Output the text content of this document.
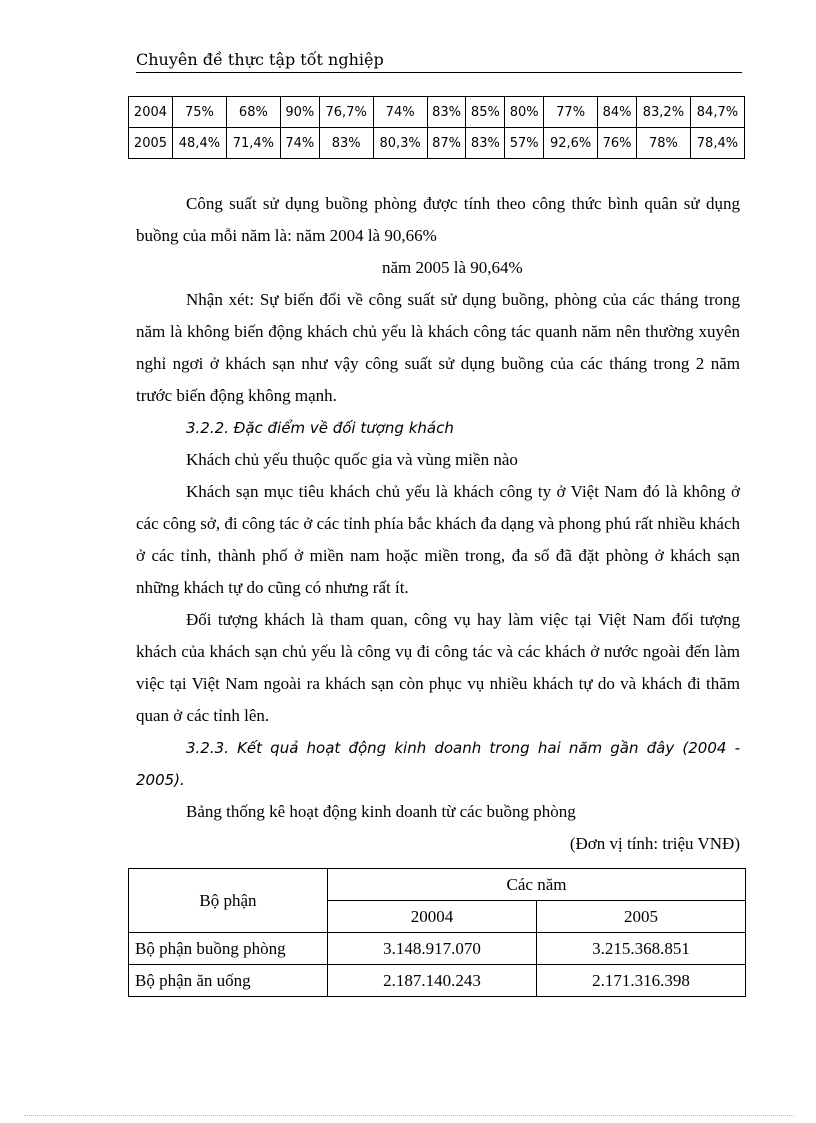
Chuyên đề thực tập tốt nghiệp
2004	75%	68%	90%	76,7%	74%	83%	85%	80%	77%	84%	83,2%	84,7%
2005	48,4%	71,4%	74%	83%	80,3%	87%	83%	57%	92,6%	76%	78%	78,4%

Công suất sử dụng buồng phòng được tính theo công thức bình quân sử dụng buồng của mỗi năm là: năm 2004 là 90,66%

năm 2005 là 90,64%

Nhận xét: Sự biến đổi về công suất sử dụng buồng, phòng của các tháng trong năm là không biến động khách chủ yếu là khách công tác quanh năm nên thường xuyên nghỉ ngơi ở khách sạn như vậy công suất sử dụng buồng của các tháng trong 2 năm trước biến động không mạnh.

3.2.2. Đặc điểm về đối tượng khách

Khách chủ yếu thuộc quốc gia và vùng miền nào

Khách sạn mục tiêu khách chủ yếu là khách công ty ở Việt Nam đó là không ở các công sở, đi công tác ở các tỉnh phía bắc khách đa dạng và phong phú rất nhiều khách ở các tỉnh, thành phố ở miền nam hoặc miền trong, đa số đã đặt phòng ở khách sạn những khách tự do cũng có nhưng rất ít.

Đối tượng khách là tham quan, công vụ hay làm việc tại Việt Nam đối tượng khách của khách sạn chủ yếu là công vụ đi công tác và các khách ở nước ngoài đến làm việc tại Việt Nam ngoài ra khách sạn còn phục vụ nhiều khách tự do và khách đi thăm quan ở các tỉnh lên.

3.2.3. Kết quả hoạt động kinh doanh trong hai năm gần đây (2004 - 2005).

Bảng thống kê hoạt động kinh doanh từ các buồng phòng

(Đơn vị tính: triệu VNĐ)

Bộ phận	Các năm	
	20004	2005
Bộ phận buồng phòng	3.148.917.070	3.215.368.851
Bộ phận ăn uống	2.187.140.243	2.171.316.398
